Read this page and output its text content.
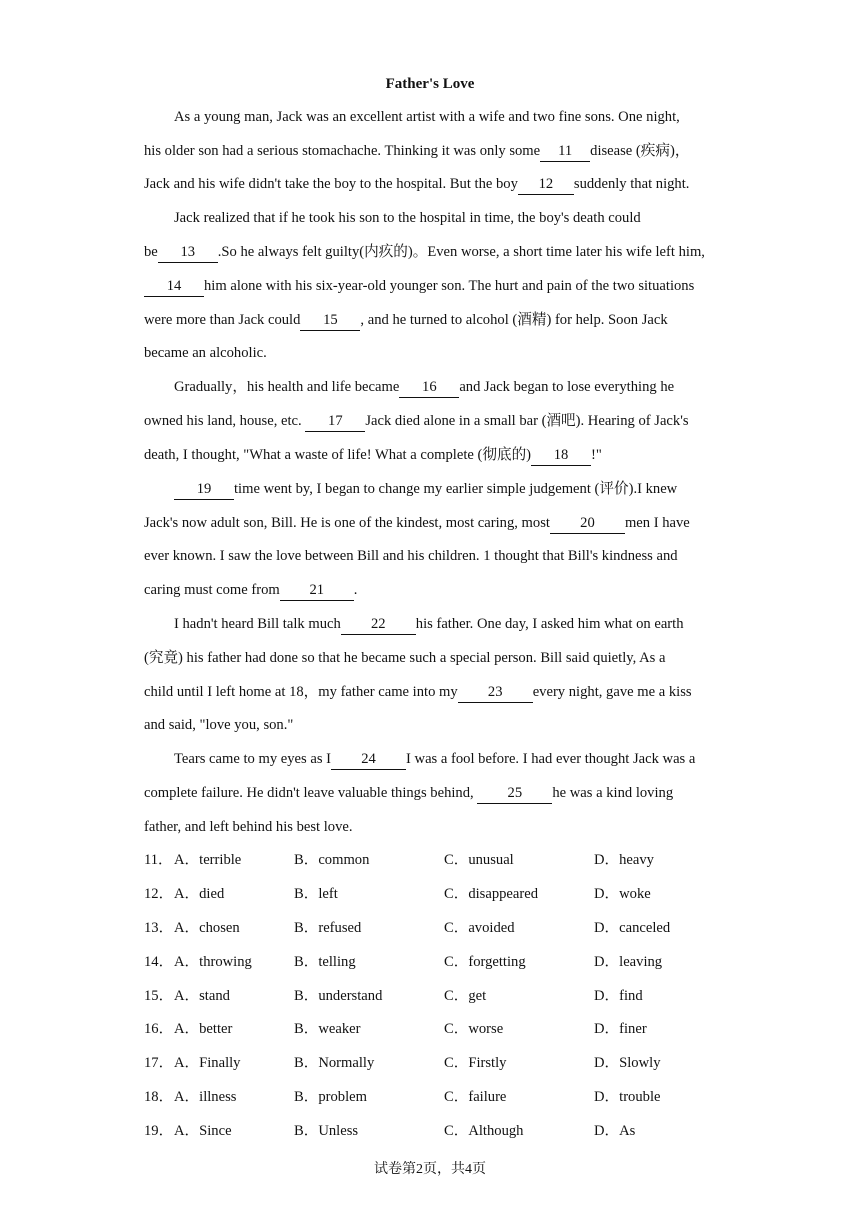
Father's Love
As a young man, Jack was an excellent artist with a wife and two fine sons. One night,
his older son had a serious stomachache. Thinking it was only some 11 disease (疾病)，
Jack and his wife didn't take the boy to the hospital. But the boy 12 suddenly that night.
Jack realized that if he took his son to the hospital in time, the boy's death could
be 13 .So he always felt guilty(内疚的)。Even worse, a short time later his wife left him,
14 him alone with his six-year-old younger son. The hurt and pain of the two situations
were more than Jack could 15 , and he turned to alcohol (酒精) for help. Soon Jack
became an alcoholic.
Gradually，his health and life became 16 and Jack began to lose everything he
owned his land, house, etc. 17 Jack died alone in a small bar (酒吧). Hearing of Jack's
death, I thought, "What a waste of life! What a complete (彻底的) 18 !"
19 time went by, I began to change my earlier simple judgement (评价).I knew
Jack's now adult son, Bill. He is one of the kindest, most caring, most 20 men I have
ever known. I saw the love between Bill and his children. 1 thought that Bill's kindness and
caring must come from 21 .
I hadn't heard Bill talk much 22 his father. One day, I asked him what on earth
(究竟) his father had done so that he became such a special person. Bill said quietly, As a
child until I left home at 18，my father came into my 23 every night, gave me a kiss
and said, "love you, son."
Tears came to my eyes as I 24 I was a fool before. I had ever thought Jack was a
complete failure. He didn't leave valuable things behind, 25 he was a kind loving
father, and left behind his best love.
11． A．terrible	B．common	C．unusual	D．heavy
12． A．died	B．left	C．disappeared	D．woke
13． A．chosen	B．refused	C．avoided	D．canceled
14． A．throwing	B．telling	C．forgetting	D．leaving
15． A．stand	B．understand	C．get	D．find
16． A．better	B．weaker	C．worse	D．finer
17． A．Finally	B．Normally	C．Firstly	D．Slowly
18． A．illness	B．problem	C．failure	D．trouble
19． A．Since	B．Unless	C．Although	D．As
试卷第2页，共4页
